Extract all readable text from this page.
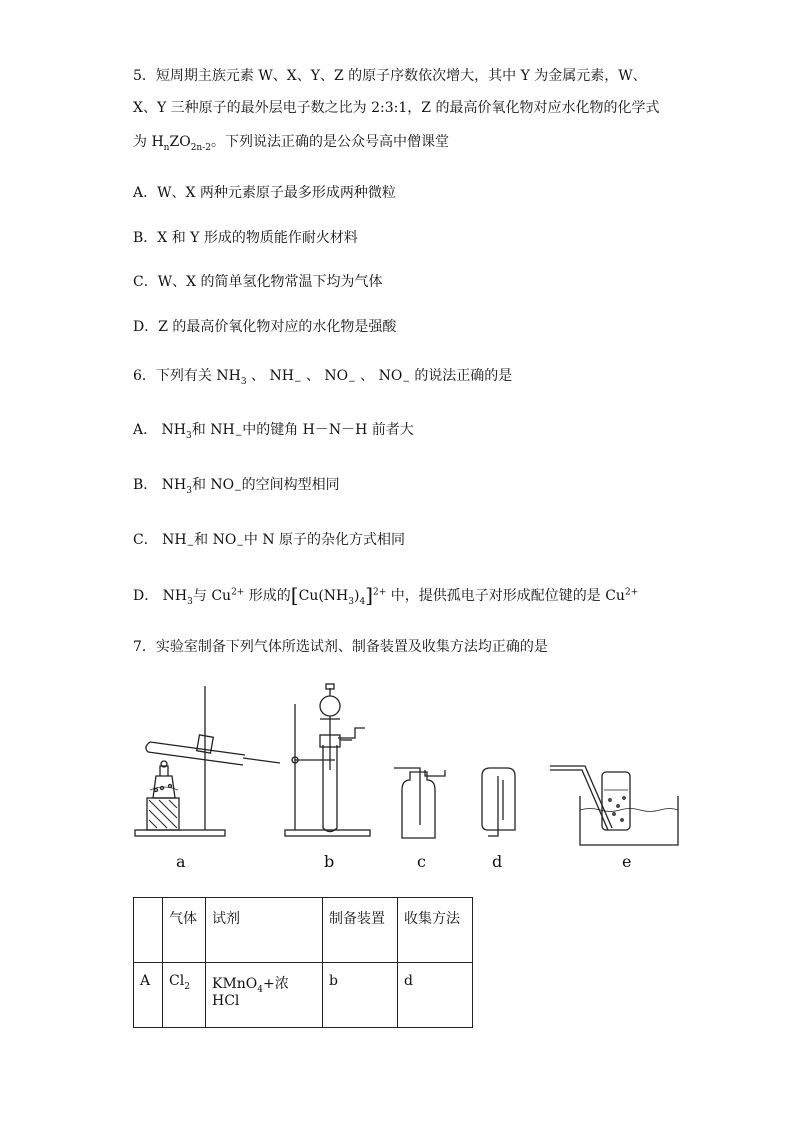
5．短周期主族元素 W、X、Y、Z 的原子序数依次增大，其中 Y 为金属元素，W、
X、Y 三种原子的最外层电子数之比为 2:3:1，Z 的最高价氧化物对应水化物的化学式
为 $H_nZO_{2n-2}$。下列说法正确的是公众号高中僧课堂
A．W、X 两种元素原子最多形成两种微粒
B．X 和 Y 形成的物质能作耐火材料
C．W、X 的简单氢化物常温下均为气体
D．Z 的最高价氧化物对应的水化物是强酸
6．下列有关 $NH_3$ 、 $NH_-$ 、 $NO_-$ 、 $NO_-$ 的说法正确的是
A． $NH_3$和 $NH_-$中的键角 H－N－H 前者大
B． $NH_3$和 $NO_-$的空间构型相同
C． $NH_-$和 $NO_-$中 N 原子的杂化方式相同
D． $NH_3$与 $Cu^{2+}$ 形成的$[Cu(NH_3)_4]^{2+}$ 中，提供孤电子对形成配位键的是 $Cu^{2+}$
7．实验室制备下列气体所选试剂、制备装置及收集方法均正确的是
a	b	c	d	e
	气体	试剂	制备装置	收集方法
A	$Cl_2$	KMnO$_4$+浓 HCl	b	d
